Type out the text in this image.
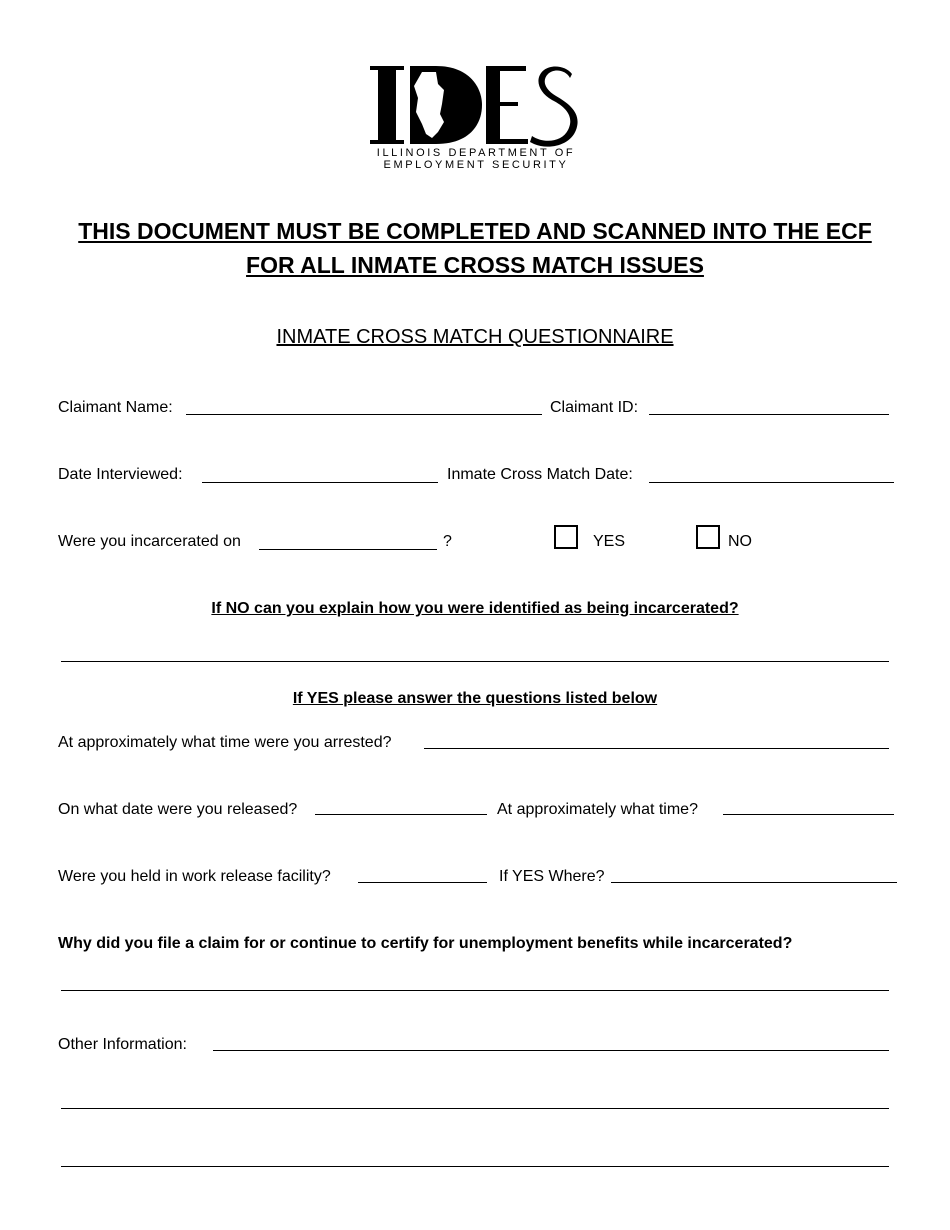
ILLINOIS DEPARTMENT OF
EMPLOYMENT SECURITY
THIS DOCUMENT MUST BE COMPLETED AND SCANNED INTO THE ECF
FOR ALL INMATE CROSS MATCH ISSUES
INMATE CROSS MATCH QUESTIONNAIRE
Claimant Name:	Claimant ID:
Date Interviewed:	Inmate Cross Match Date:
Were you incarcerated on	?	YES	NO
If NO can you explain how you were identified as being incarcerated?
If YES please answer the questions listed below
At approximately what time were you arrested?
On what date were you released?	At approximately what time?
Were you held in work release facility?	If YES Where?
Why did you file a claim for or continue to certify for unemployment benefits while incarcerated?
Other Information:
